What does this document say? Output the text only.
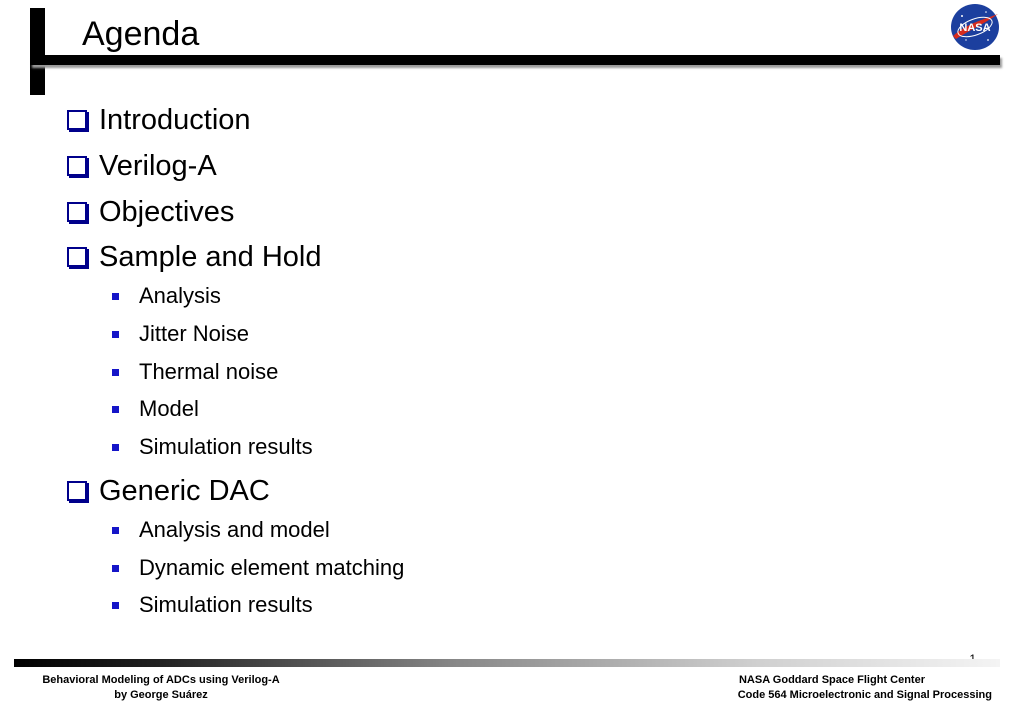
Agenda	NASA
Introduction
Verilog-A
Objectives
Sample and Hold
Analysis
Jitter Noise
Thermal noise
Model
Simulation results
Generic DAC
Analysis and model
Dynamic element matching
Simulation results
Behavioral Modeling of ADCs using Verilog-A
by George Suárez
NASA Goddard Space Flight Center
Code 564 Microelectronic and Signal Processing
